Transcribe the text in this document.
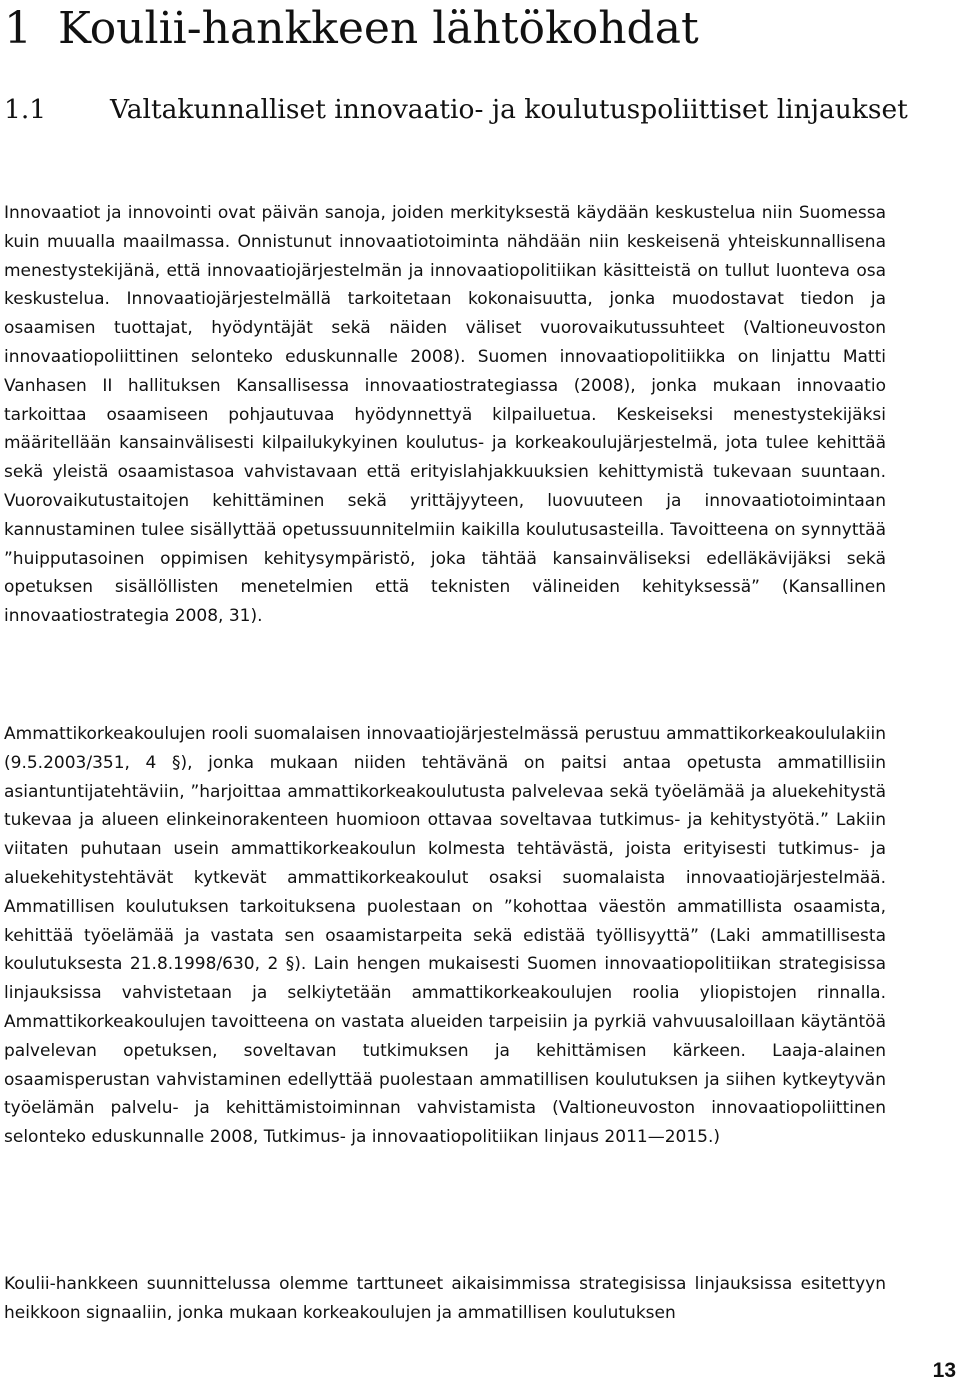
1 Koulii-hankkeen lähtökohdat
1.1 Valtakunnalliset innovaatio- ja koulutuspoliittiset linjaukset

Innovaatiot ja innovointi ovat päivän sanoja, joiden merkityksestä käydään keskustelua niin Suomessa kuin muualla maailmassa. Onnistunut innovaatiotoiminta nähdään niin keskeisenä yhteiskunnallisena menestystekijänä, että innovaatiojärjestelmän ja innovaatiopolitiikan käsitteistä on tullut luonteva osa keskustelua. Innovaatiojärjestelmällä tarkoitetaan kokonaisuutta, jonka muodostavat tiedon ja osaamisen tuottajat, hyödyntäjät sekä näiden väliset vuorovaikutussuhteet (Valtioneuvoston innovaatiopoliittinen selonteko eduskunnalle 2008). Suomen innovaatiopolitiikka on linjattu Matti Vanhasen II hallituksen Kansallisessa innovaatiostrategiassa (2008), jonka mukaan innovaatio tarkoittaa osaamiseen pohjautuvaa hyödynnettyä kilpailuetua. Keskeiseksi menestystekijäksi määritellään kansainvälisesti kilpailukykyinen koulutus- ja korkeakoulujärjestelmä, jota tulee kehittää sekä yleistä osaamistasoa vahvistavaan että erityislahjakkuuksien kehittymistä tukevaan suuntaan. Vuorovaikutustaitojen kehittäminen sekä yrittäjyyteen, luovuuteen ja innovaatiotoimintaan kannustaminen tulee sisällyttää opetussuunnitelmiin kaikilla koulutusasteilla. Tavoitteena on synnyttää ”huipputasoinen oppimisen kehitysympäristö, joka tähtää kansainväliseksi edelläkävijäksi sekä opetuksen sisällöllisten menetelmien että teknisten välineiden kehityksessä” (Kansallinen innovaatiostrategia 2008, 31).

Ammattikorkeakoulujen rooli suomalaisen innovaatiojärjestelmässä perustuu ammattikorkeakoululakiin (9.5.2003/351, 4 §), jonka mukaan niiden tehtävänä on paitsi antaa opetusta ammatillisiin asiantuntijatehtäviin, ”harjoittaa ammattikorkeakoulutusta palvelevaa sekä työelämää ja aluekehitystä tukevaa ja alueen elinkeinorakenteen huomioon ottavaa soveltavaa tutkimus- ja kehitystyötä.” Lakiin viitaten puhutaan usein ammattikorkeakoulun kolmesta tehtävästä, joista erityisesti tutkimus- ja aluekehitystehtävät kytkevät ammattikorkeakoulut osaksi suomalaista innovaatiojärjestelmää. Ammatillisen koulutuksen tarkoituksena puolestaan on ”kohottaa väestön ammatillista osaamista, kehittää työelämää ja vastata sen osaamistarpeita sekä edistää työllisyyttä” (Laki ammatillisesta koulutuksesta 21.8.1998/630, 2 §). Lain hengen mukaisesti Suomen innovaatiopolitiikan strategisissa linjauksissa vahvistetaan ja selkiytetään ammattikorkeakoulujen roolia yliopistojen rinnalla. Ammattikorkeakoulujen tavoitteena on vastata alueiden tarpeisiin ja pyrkiä vahvuusaloillaan käytäntöä palvelevan opetuksen, soveltavan tutkimuksen ja kehittämisen kärkeen. Laaja-alainen osaamisperustan vahvistaminen edellyttää puolestaan ammatillisen koulutuksen ja siihen kytkeytyvän työelämän palvelu- ja kehittämistoiminnan vahvistamista (Valtioneuvoston innovaatiopoliittinen selonteko eduskunnalle 2008, Tutkimus- ja innovaatiopolitiikan linjaus 2011—2015.)

Koulii-hankkeen suunnittelussa olemme tarttuneet aikaisimmissa strategisissa linjauksissa esitettyyn heikkoon signaaliin, jonka mukaan korkeakoulujen ja ammatillisen koulutuksen

13
